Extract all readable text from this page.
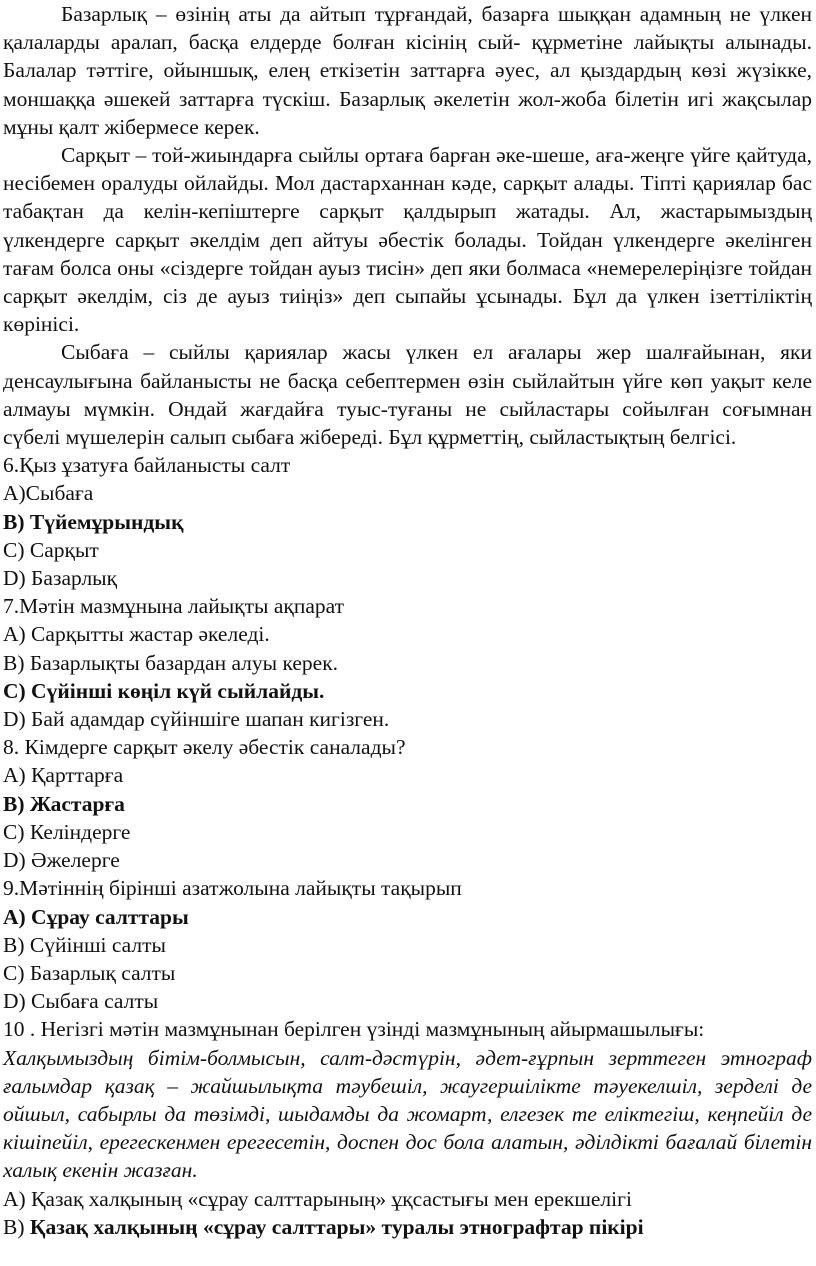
Базарлық – өзінің аты да айтып тұрғандай, базарға шыққан адамның не үлкен қалаларды аралап, басқа елдерде болған кісінің сый- құрметіне лайықты алынады. Балалар тәттіге, ойыншық, елең еткізетін заттарға әуес, ал қыздардың көзі жүзікке, моншаққа әшекей заттарға түскіш. Базарлық әкелетін жол-жоба білетін игі жақсылар мұны қалт жібермесе керек.

Сарқыт – той-жиындарға сыйлы ортаға барған әке-шеше, аға-жеңге үйге қайтуда, несібемен оралуды ойлайды. Мол дастарханнан кәде, сарқыт алады. Тіпті қариялар бас табақтан да келін-кепіштерге сарқыт қалдырып жатады. Ал, жастарымыздың үлкендерге сарқыт әкелдім деп айтуы әбестік болады. Тойдан үлкендерге әкелінген тағам болса оны «сіздерге тойдан ауыз тисін» деп яки болмаса «немерелеріңізге тойдан сарқыт әкелдім, сіз де ауыз тиіңіз» деп сыпайы ұсынады. Бұл да үлкен ізеттіліктің көрінісі.

Сыбаға – сыйлы қариялар жасы үлкен ел ағалары жер шалғайынан, яки денсаулығына байланысты не басқа себептермен өзін сыйлайтын үйге көп уақыт келе алмауы мүмкін. Ондай жағдайға туыс-туғаны не сыйластары сойылған соғымнан сүбелі мүшелерін салып сыбаға жібереді. Бұл құрметтің, сыйластықтың белгісі.

6.Қыз ұзатуға байланысты салт

А)Сыбаға

В) Түйемұрындық

С) Сарқыт

D) Базарлық

7.Мәтін мазмұнына лайықты ақпарат

А) Сарқытты жастар әкеледі.

В) Базарлықты базардан алуы керек.

С) Сүйінші көңіл күй сыйлайды.

D) Бай адамдар сүйіншіге шапан кигізген.

8. Кімдерге сарқыт әкелу әбестік саналады?

А) Қарттарға

В) Жастарға

С) Келіндерге

D) Әжелерге

9.Мәтіннің бірінші азатжолына лайықты тақырып

А) Сұрау салттары

В) Сүйінші салты

С) Базарлық салты

D) Сыбаға салты

10 . Негізгі мәтін мазмұнынан берілген үзінді мазмұнының айырмашылығы:

Халқымыздың бітім-болмысын, салт-дәстүрін, әдет-ғұрпын зерттеген этнограф ғалымдар қазақ – жайшылықта тәубешіл, жаугершілікте тәуекелшіл, зерделі де ойшыл, сабырлы да төзімді, шыдамды да жомарт, елгезек те еліктегіш, кеңпейіл де кішіпейіл, ерегескенмен ерегесетін, доспен дос бола алатын, әділдікті бағалай білетін халық екенін жазған.

А) Қазақ халқының «сұрау салттарының» ұқсастығы мен ерекшелігі

В) Қазақ халқының «сұрау салттары» туралы этнографтар пікірі
